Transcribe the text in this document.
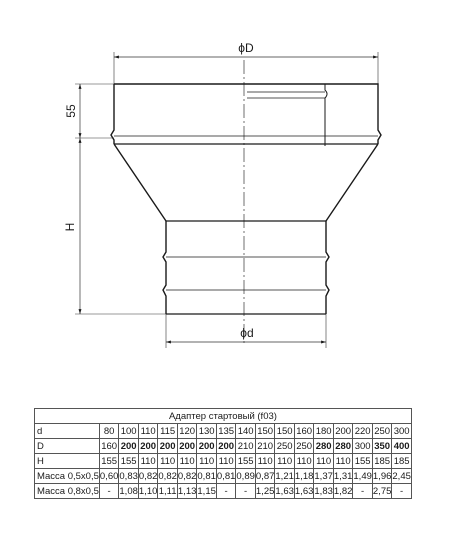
ϕD
55
H
ϕd
Адаптер стартовый (f03)																
d	80	100	110	115	120	130	135	140	150	150	160	180	200	220	250	300
D	160	200	200	200	200	200	200	210	210	250	250	280	280	300	350	400
H	155	155	110	110	110	110	110	155	110	110	110	110	110	155	185	185
Масса 0,5х0,5	0,60	0,83	0,82	0,82	0,82	0,81	0,81	0,89	0,87	1,21	1,18	1,37	1,31	1,49	1,96	2,45
Масса 0,8х0,5	-	1,08	1,10	1,11	1,13	1,15	-	-	1,25	1,63	1,63	1,83	1,82	-	2,75	-
